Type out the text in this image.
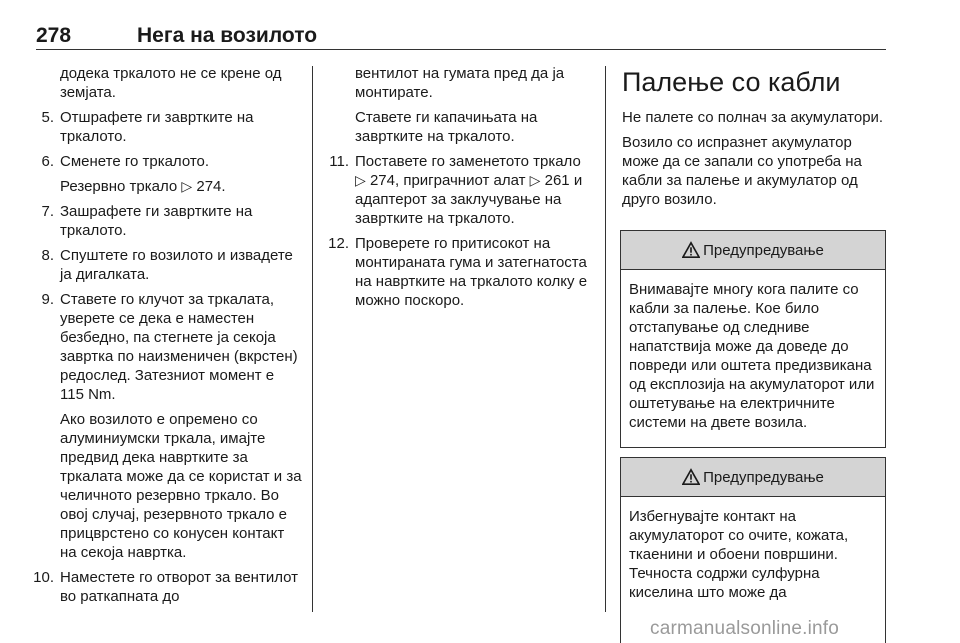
278	Нега на возилото

додека тркалото не се крене од земјата.

5. Отшрафете ги завртките на тркалото.
6. Сменете го тркалото.

Резервно тркало ▷ 274.

7. Зашрафете ги завртките на тркалото.
8. Спуштете го возилото и извадете ја дигалката.
9. Ставете го клучот за тркалата, уверете се дека е наместен безбедно, па стегнете ја секоја завртка по наизменичен (вкрстен) редослед. Затезниот момент е 115 Nm.

Ако возилото е опремено со алуминиумски тркала, имајте предвид дека навртките за тркалата може да се користат и за челичното резервно тркало. Во овој случај, резервното тркало е прицврстено со конусен контакт на секоја навртка.

10. Наместете го отворот за вентилот во раткапната до

вентилот на гумата пред да ја монтирате.

Ставете ги капачињата на завртките на тркалото.

11. Поставете го заменетото тркало ▷ 274, приграчниот алат ▷ 261 и адаптерот за заклучување на завртките на тркалото.
12. Проверете го притисокот на монтираната гума и затегнатоста на навртките на тркалото колку е можно поскоро.
Палење со кабли

Не палете со полнач за акумулатори.

Возило со испразнет акумулатор може да се запали со употреба на кабли за палење и акумулатор од друго возило.

Предупредување
Внимавајте многу кога палите со кабли за палење. Кое било отстапување од следниве напатствија може да доведе до повреди или оштета предизвикана од експлозија на акумулаторот или оштетување на електричните системи на двете возила.
Предупредување
Избегнувајте контакт на акумулаторот со очите, кожата, ткаенини и обоени површини. Течноста содржи сулфурна киселина што може да
carmanualsonline.info
